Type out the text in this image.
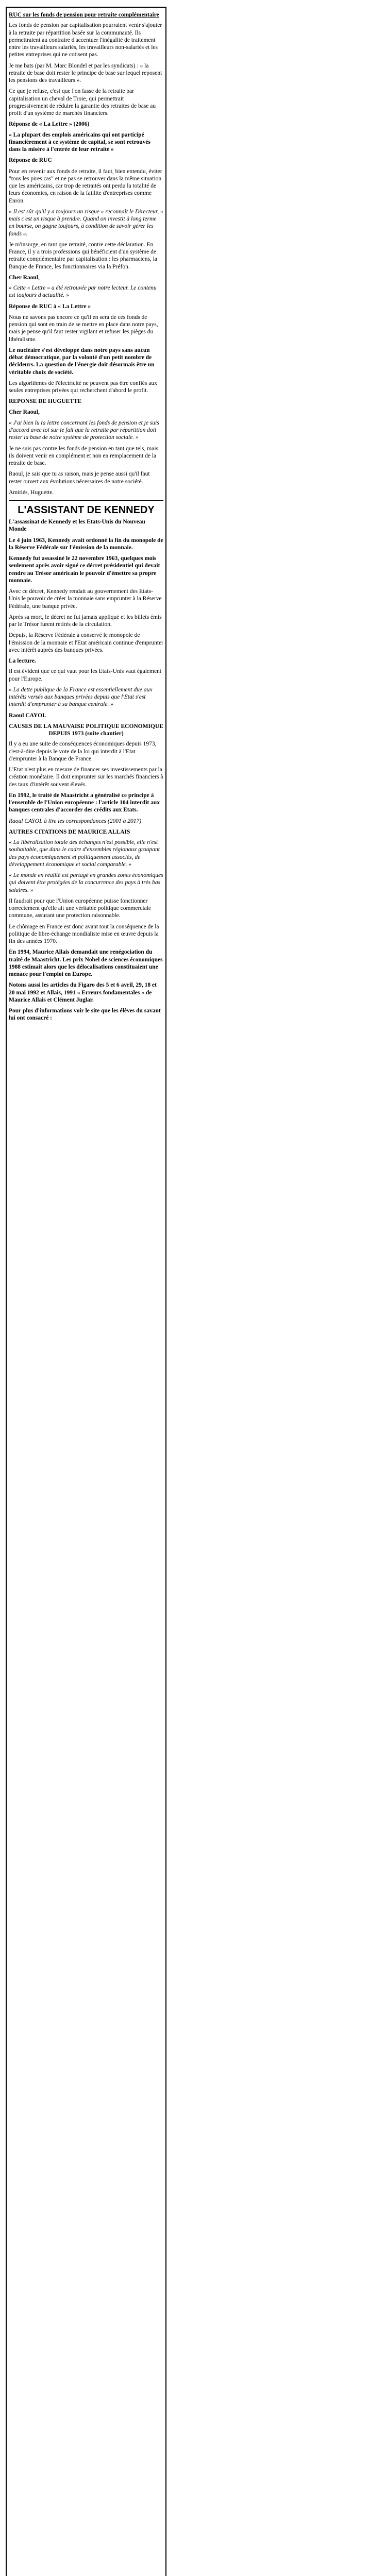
RUC sur les fonds de pension pour retraite complémentaire

Les fonds de pension par capitalisation pourraient venir s'ajouter à la retraite par répartition basée sur la communauté. Ils permettraient au contraire d'accentuer l'inégalité de traitement entre les travailleurs salariés, les travailleurs non-salariés et les petites entreprises qui ne cotisent pas.

Je me bats (par M. Marc Blondel et par les syndicats) : « la retraite de base doit rester le principe de base sur lequel reposent les pensions des travailleurs ».

Ce que je refuse, c'est que l'on fasse de la retraite par capitalisation un cheval de Troie, qui permettrait progressivement de réduire la garantie des retraites de base au profit d'un système de marchés financiers.

Réponse de « La Lettre » (2006)

« La plupart des emplois américains qui ont participé financièrement à ce système de capital, se sont retrouvés dans la misère à l'entrée de leur retraite »

Réponse de RUC

Pour en revenir aux fonds de retraite, il faut, bien entendu, éviter "tous les pires cas" et ne pas se retrouver dans la même situation que les américains, car trop de retraités ont perdu la totalité de leurs économies, en raison de la faillite d'entreprises comme Enron.

« Il est sûr qu'il y a toujours un risque » reconnaît le Directeur, « mais c'est un risque à prendre. Quand on investit à long terme en bourse, on gagne toujours, à condition de savoir gérer les fonds ».

Je m'insurge, en tant que retraité, contre cette déclaration. En France, il y a trois professions qui bénéficient d'un système de retraite complémentaire par capitalisation : les pharmaciens, la Banque de France, les fonctionnaires via la Préfon.

Cher Raoul,

« Cette « Lettre » a été retrouvée par notre lecteur. Le contenu est toujours d'actualité. »

Réponse de RUC à « La Lettre »

Nous ne savons pas encore ce qu'il en sera de ces fonds de pension qui sont en train de se mettre en place dans notre pays, mais je pense qu'il faut rester vigilant et refuser les pièges du libéralisme.

Le nucléaire s'est développé dans notre pays sans aucun débat démocratique, par la volonté d'un petit nombre de décideurs. La question de l'énergie doit désormais être un véritable choix de société.

Les algorithmes de l'électricité ne peuvent pas être confiés aux seules entreprises privées qui recherchent d'abord le profit.

REPONSE DE HUGUETTE

Cher Raoul,

« J'ai bien lu ta lettre concernant les fonds de pension et je suis d'accord avec toi sur le fait que la retraite par répartition doit rester la base de notre système de protection sociale. »

Je ne suis pas contre les fonds de pension en tant que tels, mais ils doivent venir en complément et non en remplacement de la retraite de base.

Raoul, je sais que tu as raison, mais je pense aussi qu'il faut rester ouvert aux évolutions nécessaires de notre société.

Amitiés, Huguette.

L'ASSISTANT DE KENNEDY

L'assassinat de Kennedy et les Etats-Unis du Nouveau Monde

Le 4 juin 1963, Kennedy avait ordonné la fin du monopole de la Réserve Fédérale sur l'émission de la monnaie.

Kennedy fut assassiné le 22 novembre 1963, quelques mois seulement après avoir signé ce décret présidentiel qui devait rendre au Trésor américain le pouvoir d'émettre sa propre monnaie.

Avec ce décret, Kennedy rendait au gouvernement des Etats-Unis le pouvoir de créer la monnaie sans emprunter à la Réserve Fédérale, une banque privée.

Après sa mort, le décret ne fut jamais appliqué et les billets émis par le Trésor furent retirés de la circulation.

Depuis, la Réserve Fédérale a conservé le monopole de l'émission de la monnaie et l'Etat américain continue d'emprunter avec intérêt auprès des banques privées.

La lecture.

Il est évident que ce qui vaut pour les Etats-Unis vaut également pour l'Europe.

« La dette publique de la France est essentiellement due aux intérêts versés aux banques privées depuis que l'Etat s'est interdit d'emprunter à sa banque centrale. »

Raoul CAYOL

CAUSES DE LA MAUVAISE POLITIQUE ECONOMIQUE DEPUIS 1973 (suite chantier)

Il y a eu une suite de conséquences économiques depuis 1973, c'est-à-dire depuis le vote de la loi qui interdit à l'Etat d'emprunter à la Banque de France.

L'Etat n'est plus en mesure de financer ses investissements par la création monétaire. Il doit emprunter sur les marchés financiers à des taux d'intérêt souvent élevés.

En 1992, le traité de Maastricht a généralisé ce principe à l'ensemble de l'Union européenne : l'article 104 interdit aux banques centrales d'accorder des crédits aux Etats.

Raoul CAYOL à lire les correspondances (2001 à 2017)

AUTRES CITATIONS DE MAURICE ALLAIS

« La libéralisation totale des échanges n'est possible, elle n'est souhaitable, que dans le cadre d'ensembles régionaux groupant des pays économiquement et politiquement associés, de développement économique et social comparable. »

« Le monde en réalité est partagé en grandes zones économiques qui doivent être protégées de la concurrence des pays à très bas salaires. »

Il faudrait pour que l'Union européenne puisse fonctionner correctement qu'elle ait une véritable politique commerciale commune, assurant une protection raisonnable.

Le chômage en France est donc avant tout la conséquence de la politique de libre-échange mondialiste mise en œuvre depuis la fin des années 1970.

En 1994, Maurice Allais demandait une renégociation du traité de Maastricht. Les prix Nobel de sciences économiques 1988 estimait alors que les délocalisations constituaient une menace pour l'emploi en Europe.

Notons aussi les articles du Figaro des 5 et 6 avril, 29, 18 et 20 mai 1992 et Allais, 1991 « Erreurs fondamentales » de Maurice Allais et Clément Juglar.

Pour plus d'informations voir le site que les élèves du savant lui ont consacré :
